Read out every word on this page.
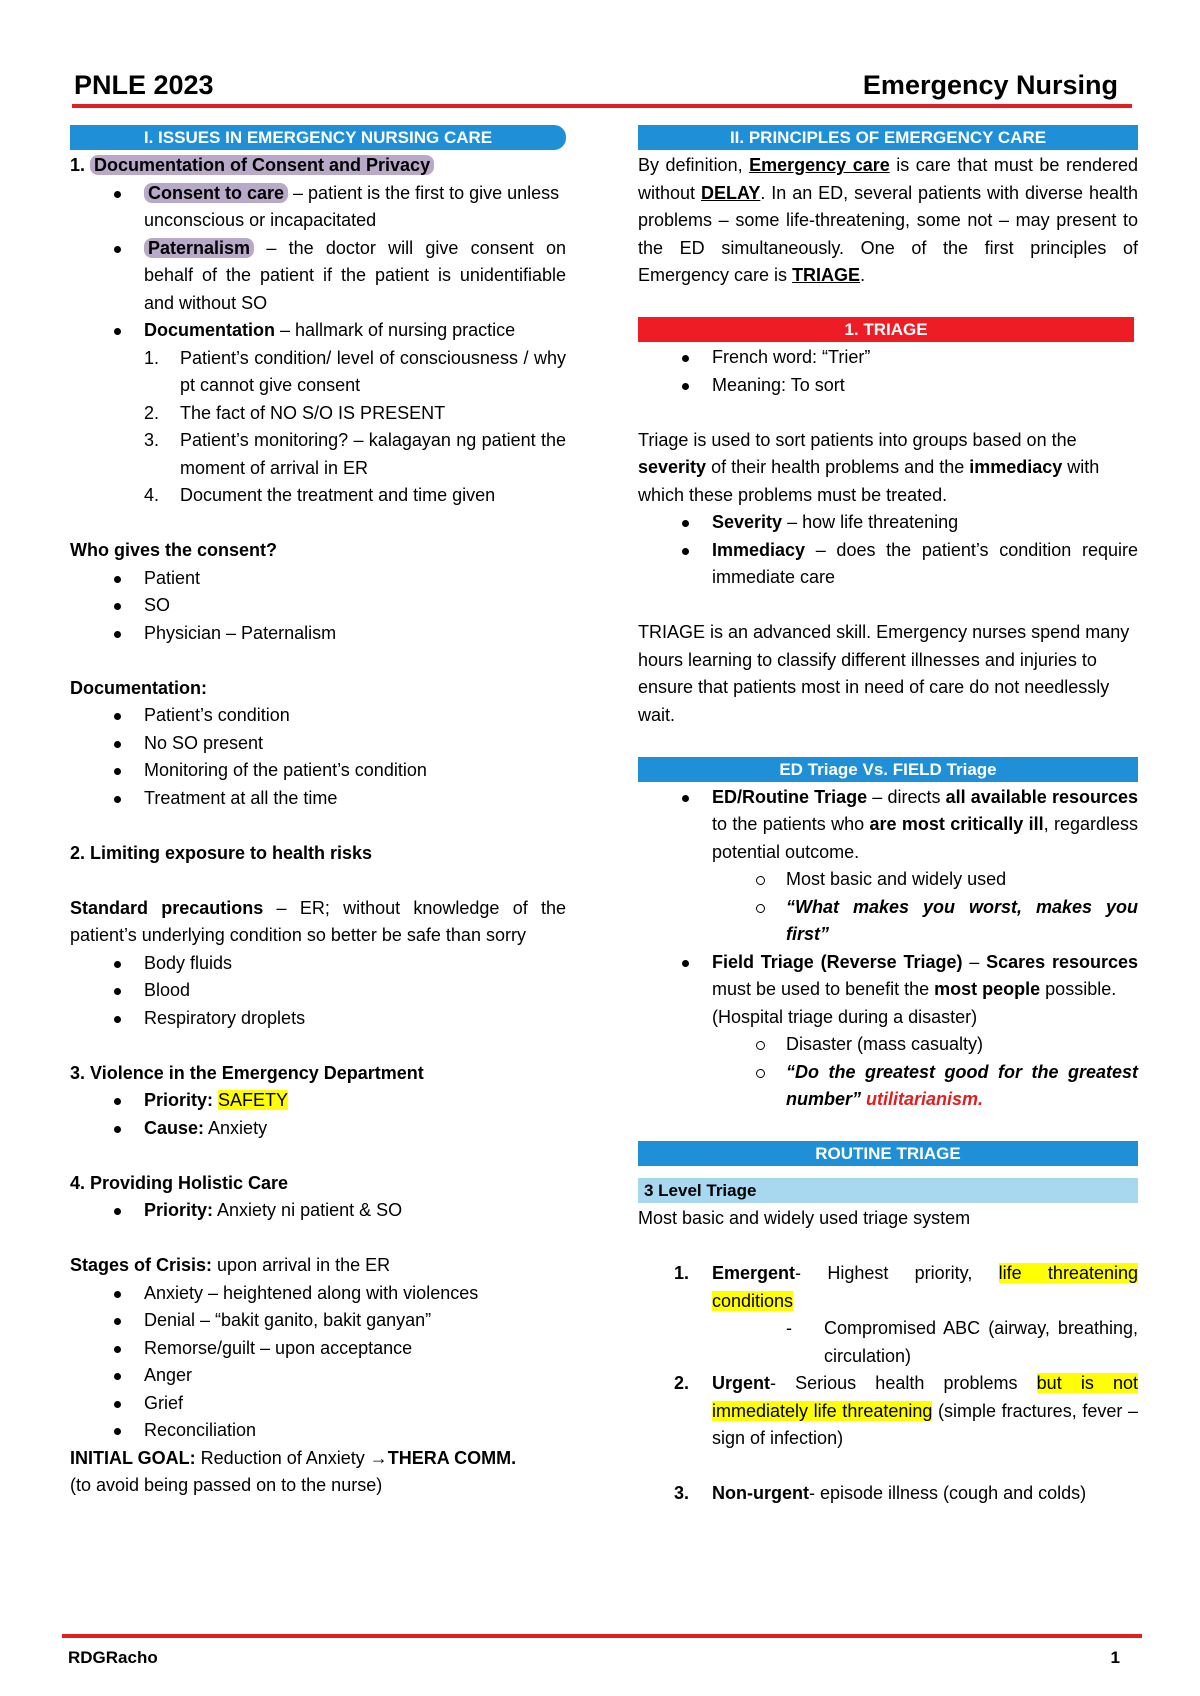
PNLE 2023	Emergency Nursing
I. ISSUES IN EMERGENCY NURSING CARE

1. Documentation of Consent and Privacy

Consent to care – patient is the first to give unless unconscious or incapacitated
Paternalism – the doctor will give consent on behalf of the patient if the patient is unidentifiable and without SO
Documentation – hallmark of nursing practice
1. Patient’s condition/ level of consciousness / why pt cannot give consent
2. The fact of NO S/O IS PRESENT
3. Patient’s monitoring? – kalagayan ng patient the moment of arrival in ER
4. Document the treatment and time given

Who gives the consent?

Patient
SO
Physician – Paternalism

Documentation:

Patient’s condition
No SO present
Monitoring of the patient’s condition
Treatment at all the time

2. Limiting exposure to health risks

Standard precautions – ER; without knowledge of the patient’s underlying condition so better be safe than sorry

Body fluids
Blood
Respiratory droplets

3. Violence in the Emergency Department

Priority: SAFETY
Cause: Anxiety

4. Providing Holistic Care

Priority: Anxiety ni patient & SO

Stages of Crisis: upon arrival in the ER

Anxiety – heightened along with violences
Denial – “bakit ganito, bakit ganyan”
Remorse/guilt – upon acceptance
Anger
Grief
Reconciliation

INITIAL GOAL: Reduction of Anxiety →THERA COMM.

(to avoid being passed on to the nurse)

II. PRINCIPLES OF EMERGENCY CARE

By definition, Emergency care is care that must be rendered without DELAY. In an ED, several patients with diverse health problems – some life-threatening, some not – may present to the ED simultaneously. One of the first principles of Emergency care is TRIAGE.

1. TRIAGE
French word: “Trier”
Meaning: To sort

Triage is used to sort patients into groups based on the severity of their health problems and the immediacy with which these problems must be treated.

Severity – how life threatening
Immediacy – does the patient’s condition require immediate care

TRIAGE is an advanced skill. Emergency nurses spend many hours learning to classify different illnesses and injuries to ensure that patients most in need of care do not needlessly wait.

ED Triage Vs. FIELD Triage
ED/Routine Triage – directs all available resources to the patients who are most critically ill, regardless potential outcome.
Most basic and widely used
“What makes you worst, makes you first”
Field Triage (Reverse Triage) – Scares resources must be used to benefit the most people possible.
(Hospital triage during a disaster)
Disaster (mass casualty)
“Do the greatest good for the greatest number” utilitarianism.
ROUTINE TRIAGE
3 Level Triage

Most basic and widely used triage system

1. Emergent- Highest priority, life threatening conditions
- Compromised ABC (airway, breathing, circulation)
2. Urgent- Serious health problems but is not immediately life threatening (simple fractures, fever – sign of infection)
3. Non-urgent- episode illness (cough and colds)
RDGRacho	1
